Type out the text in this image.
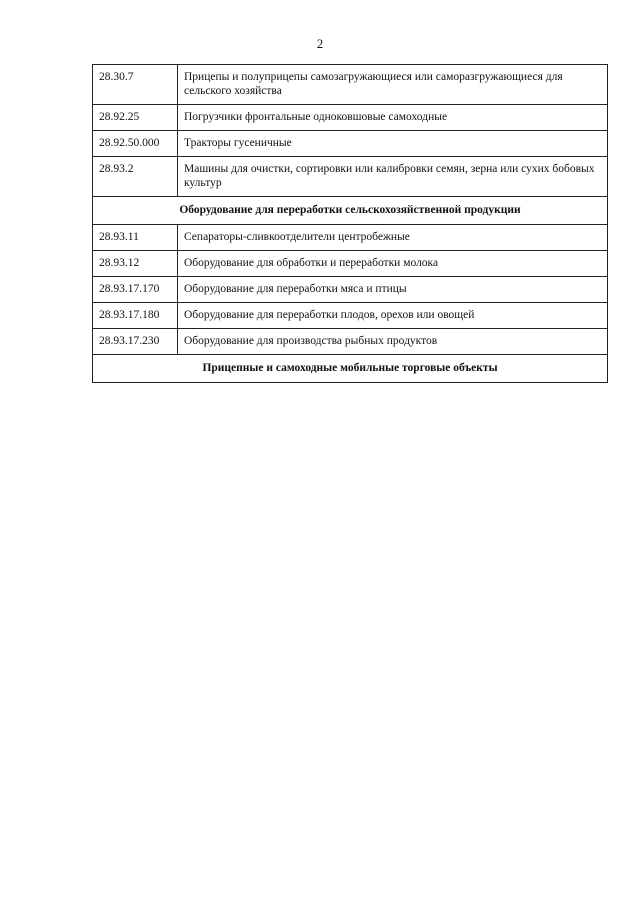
2
28.30.7	Прицепы и полуприцепы самозагружающиеся или саморазгружающиеся для сельского хозяйства
28.92.25	Погрузчики фронтальные одноковшовые самоходные
28.92.50.000	Тракторы гусеничные
28.93.2	Машины для очистки, сортировки или калибровки семян, зерна или сухих бобовых культур
Оборудование для переработки сельскохозяйственной продукции	
28.93.11	Сепараторы-сливкоотделители центробежные
28.93.12	Оборудование для обработки и переработки молока
28.93.17.170	Оборудование для переработки мяса и птицы
28.93.17.180	Оборудование для переработки плодов, орехов или овощей
28.93.17.230	Оборудование для производства рыбных продуктов
Прицепные и самоходные мобильные торговые объекты	
